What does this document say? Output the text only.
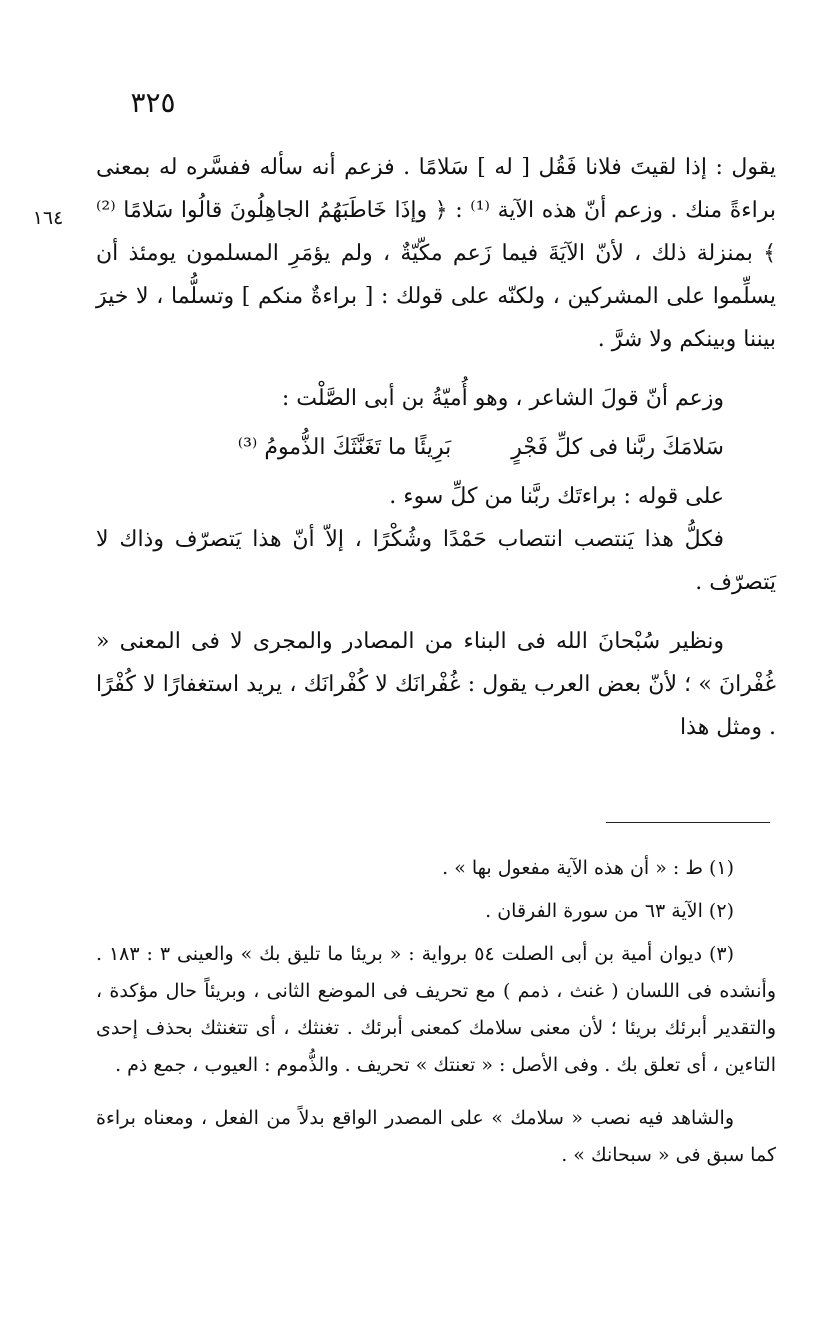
٣٢٥
١٦٤

يقول : إذا لقيتَ فلانا فَقُل [ له ] سَلامًا . فزعم أنه سأله ففسَّره له بمعنى براءةً منك . وزعم أنّ هذه الآية ⁽¹⁾ : ﴿ وإذَا خَاطَبَهُمُ الجاهِلُونَ قالُوا سَلامًا ⁽²⁾ ﴾ بمنزلة ذلك ، لأنّ الآيَةَ فيما زَعم مكّيّةٌ ، ولم يؤمَرِ المسلمون يومئذ أن يسلِّموا على المشركين ، ولكنّه على قولك : [ براءةٌ منكم ] وتسلُّما ، لا خيرَ بيننا وبينكم ولا شرَّ .

وزعم أنّ قولَ الشاعر ، وهو أُميّةُ بن أبى الصَّلْت :

سَلامَكَ ربَّنا فى كلِّ فَجْرٍبَرِيئًا ما تَغَنَّثَكَ الذُّمومُ ⁽³⁾

على قوله : براءتَك ربَّنا من كلِّ سوء .

فكلُّ هذا يَنتصب انتصاب حَمْدًا وشُكْرًا ، إلاّ أنّ هذا يَتصرّف وذاك لا يَتصرّف .

ونظير سُبْحانَ الله فى البناء من المصادر والمجرى لا فى المعنى « غُفْرانَ » ؛ لأنّ بعض العرب يقول : غُفْرانَك لا كُفْرانَك ، يريد استغفارًا لا كُفْرًا . ومثل هذا

(١) ط : « أن هذه الآية مفعول بها » .

(٢) الآية ٦٣ من سورة الفرقان .

(٣) ديوان أمية بن أبى الصلت ٥٤ برواية : « بريئا ما تليق بك » والعينى ٣ : ١٨٣ . وأنشده فى اللسان ( غنث ، ذمم ) مع تحريف فى الموضع الثانى ، وبريئاً حال مؤكدة ، والتقدير أبرئك بريئا ؛ لأن معنى سلامك كمعنى أبرئك . تغنثك ، أى تتغنثك بحذف إحدى التاءين ، أى تعلق بك . وفى الأصل : « تعنتك » تحريف . والذُّموم : العيوب ، جمع ذم .

والشاهد فيه نصب « سلامك » على المصدر الواقع بدلاً من الفعل ، ومعناه براءة كما سبق فى « سبحانك » .
